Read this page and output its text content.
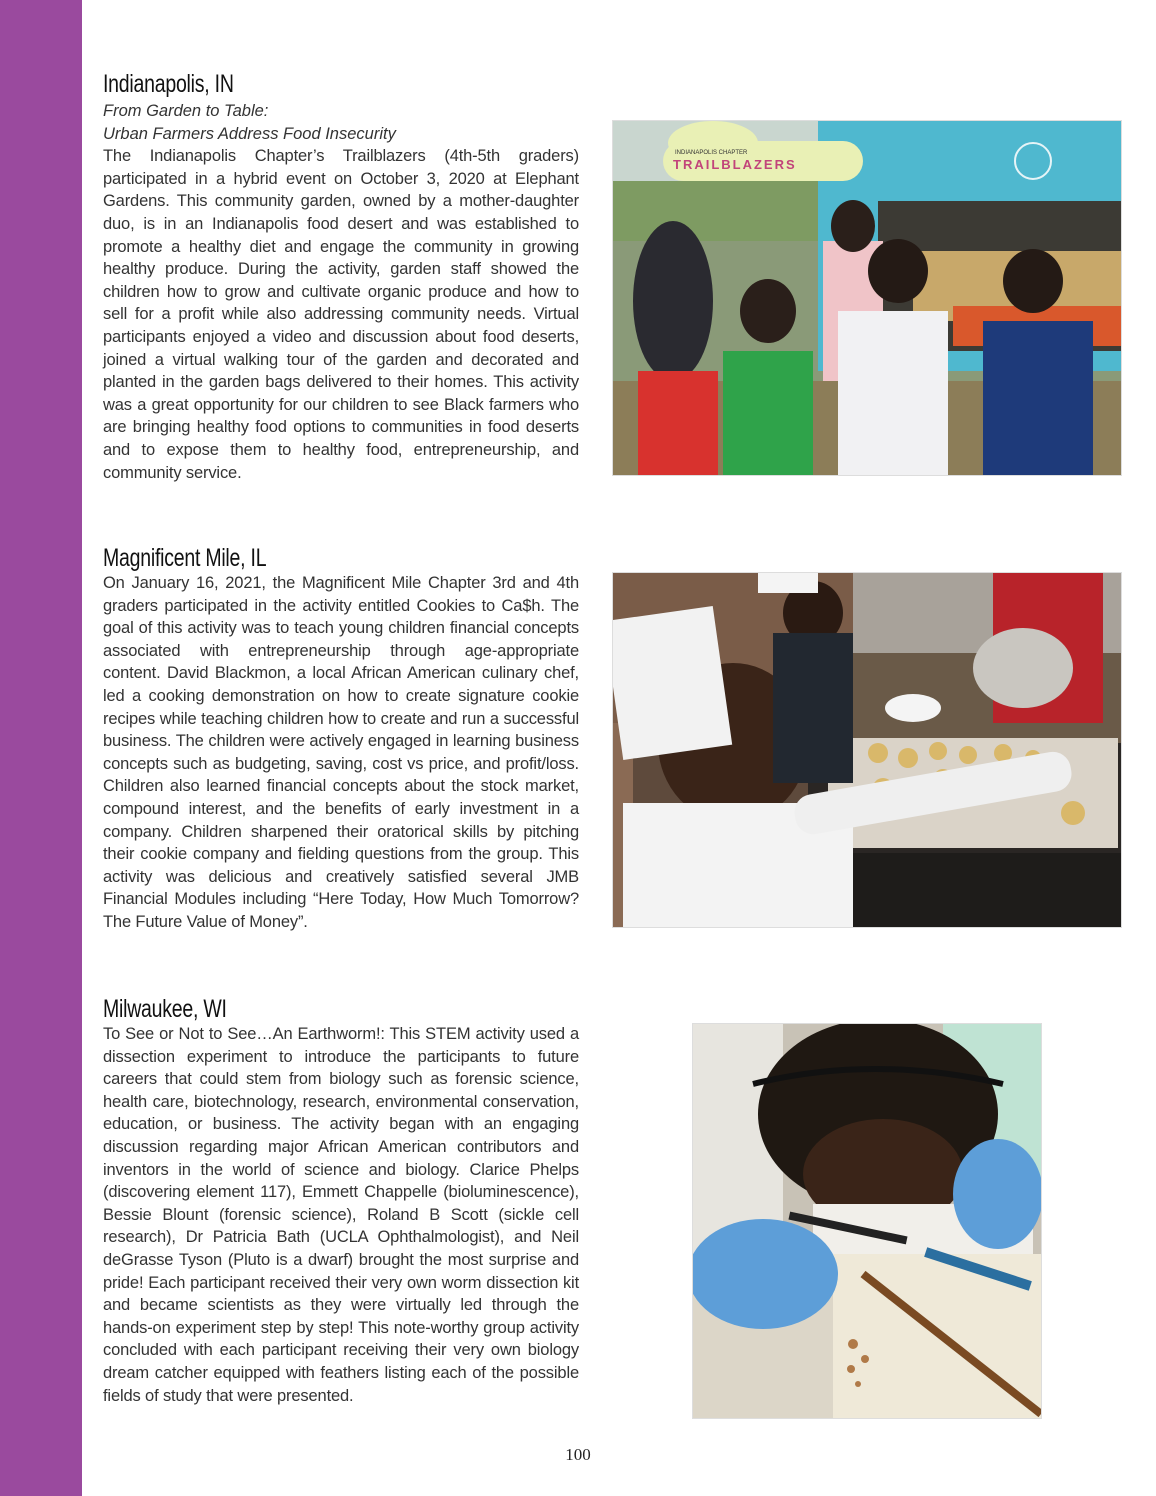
Indianapolis, IN

From Garden to Table:

Urban Farmers Address Food Insecurity

The Indianapolis Chapter’s Trailblazers (4th-5th graders) participated in a hybrid event on October 3, 2020 at Elephant Gardens. This community garden, owned by a mother-daughter duo, is in an Indianapolis food desert and was established to promote a healthy diet and engage the community in growing healthy produce. During the activity, garden staff showed the children how to grow and cultivate organic produce and how to sell for a profit while also addressing community needs. Virtual participants enjoyed a video and discussion about food deserts, joined a virtual walking tour of the garden and decorated and planted in the garden bags delivered to their homes. This activity was a great opportunity for our children to see Black farmers who are bringing healthy food options to communities in food deserts and to expose them to healthy food, entrepreneurship, and community service.

TRAILBLAZERS
INDIANAPOLIS CHAPTER
Magnificent Mile, IL

On January 16, 2021, the Magnificent Mile Chapter 3rd and 4th graders participated in the activity entitled Cookies to Ca$h. The goal of this activity was to teach young children financial concepts associated with entrepreneurship through age-appropriate content. David Blackmon, a local African American culinary chef, led a cooking demonstration on how to create signature cookie recipes while teaching children how to create and run a successful business. The children were actively engaged in learning business concepts such as budgeting, saving, cost vs price, and profit/loss. Children also learned financial concepts about the stock market, compound interest, and the benefits of early investment in a company. Children sharpened their oratorical skills by pitching their cookie company and fielding questions from the group. This activity was delicious and creatively satisfied several JMB Financial Modules including “Here Today, How Much Tomorrow? The Future Value of Money”.

Milwaukee, WI

To See or Not to See…An Earthworm!: This STEM activity used a dissection experiment to introduce the participants to future careers that could stem from biology such as forensic science, health care, biotechnology, research, environmental conservation, education, or business. The activity began with an engaging discussion regarding major African American contributors and inventors in the world of science and biology. Clarice Phelps (discovering element 117), Emmett Chappelle (bioluminescence), Bessie Blount (forensic science), Roland B Scott (sickle cell research), Dr Patricia Bath (UCLA Ophthalmologist), and Neil deGrasse Tyson (Pluto is a dwarf) brought the most surprise and pride! Each participant received their very own worm dissection kit and became scientists as they were virtually led through the hands-on experiment step by step! This note-worthy group activity concluded with each participant receiving their very own biology dream catcher equipped with feathers listing each of the possible fields of study that were presented.

100
